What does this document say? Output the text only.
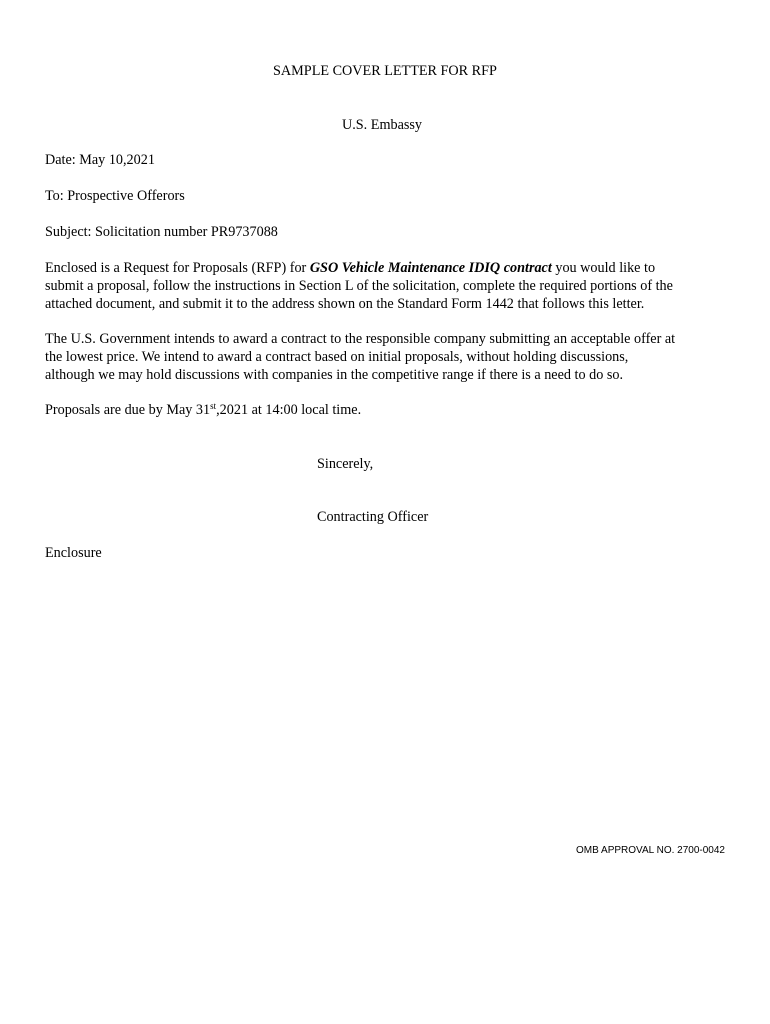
SAMPLE COVER LETTER FOR RFP
U.S. Embassy
Date: May 10,2021
To: Prospective Offerors
Subject: Solicitation number PR9737088
Enclosed is a Request for Proposals (RFP) for GSO Vehicle Maintenance IDIQ contract you would like to
submit a proposal, follow the instructions in Section L of the solicitation, complete the required portions of the
attached document, and submit it to the address shown on the Standard Form 1442 that follows this letter.
The U.S. Government intends to award a contract to the responsible company submitting an acceptable offer at
the lowest price. We intend to award a contract based on initial proposals, without holding discussions,
although we may hold discussions with companies in the competitive range if there is a need to do so.
Proposals are due by May 31st,2021 at 14:00 local time.
Sincerely,
Contracting Officer
Enclosure
OMB APPROVAL NO. 2700-0042
